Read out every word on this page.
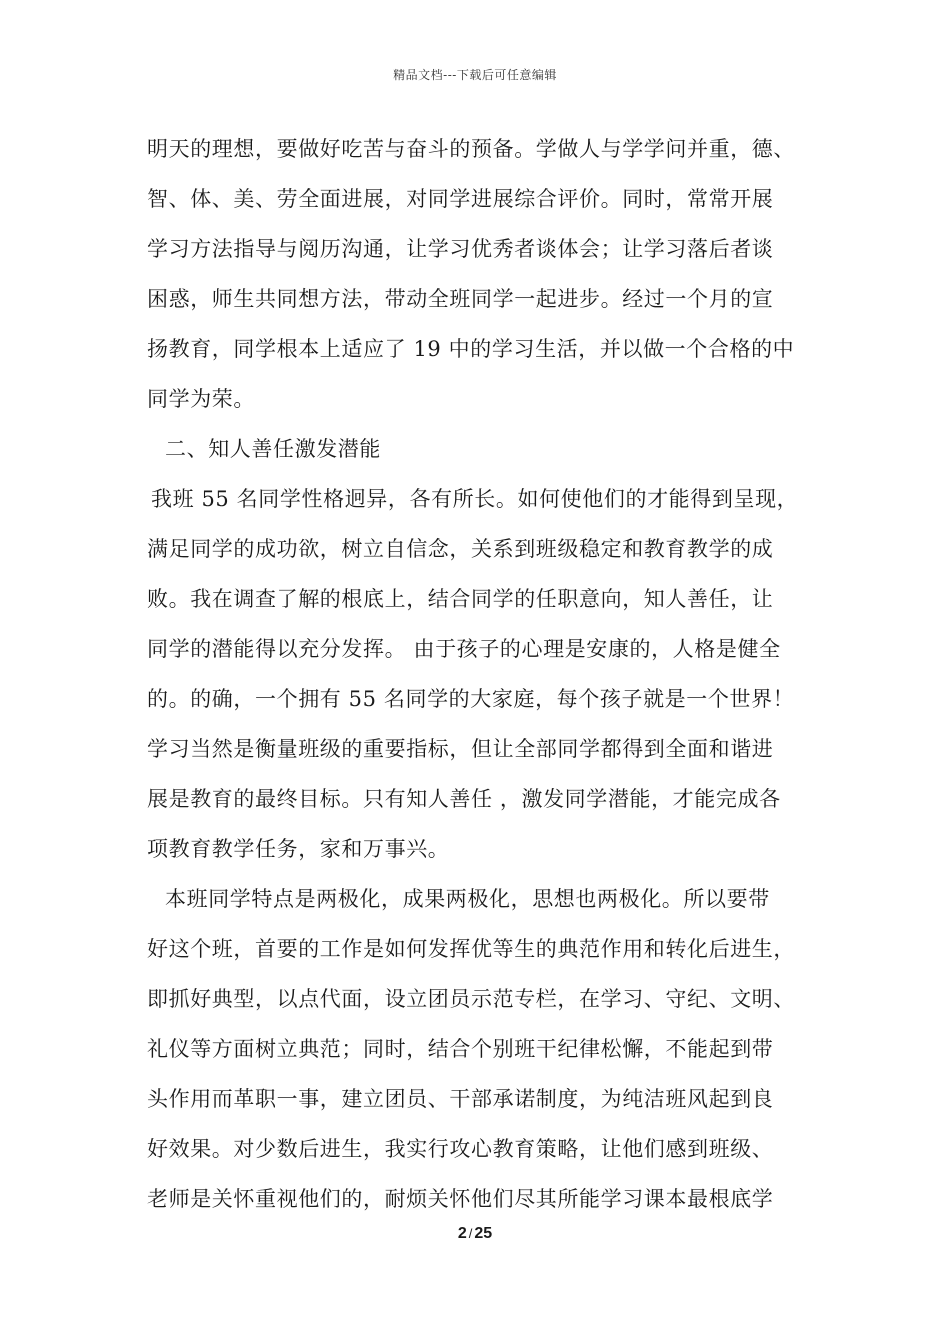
精品文档---下载后可任意编辑
明天的理想，要做好吃苦与奋斗的预备。学做人与学学问并重，德、
智、体、美、劳全面进展，对同学进展综合评价。同时，常常开展
学习方法指导与阅历沟通，让学习优秀者谈体会；让学习落后者谈
困惑，师生共同想方法，带动全班同学一起进步。经过一个月的宣
扬教育，同学根本上适应了 19 中的学习生活，并以做一个合格的中
同学为荣。
二、知人善任激发潜能
我班 55 名同学性格迥异，各有所长。如何使他们的才能得到呈现，
满足同学的成功欲，树立自信念，关系到班级稳定和教育教学的成
败。我在调查了解的根底上，结合同学的任职意向，知人善任，让
同学的潜能得以充分发挥。 由于孩子的心理是安康的，人格是健全
的。的确，一个拥有 55 名同学的大家庭，每个孩子就是一个世界！
学习当然是衡量班级的重要指标，但让全部同学都得到全面和谐进
展是教育的最终目标。只有知人善任 ，激发同学潜能，才能完成各
项教育教学任务，家和万事兴。
本班同学特点是两极化，成果两极化，思想也两极化。所以要带
好这个班，首要的工作是如何发挥优等生的典范作用和转化后进生，
即抓好典型，以点代面，设立团员示范专栏，在学习、守纪、文明、
礼仪等方面树立典范；同时，结合个别班干纪律松懈，不能起到带
头作用而革职一事，建立团员、干部承诺制度，为纯洁班风起到良
好效果。对少数后进生，我实行攻心教育策略，让他们感到班级、
老师是关怀重视他们的，耐烦关怀他们尽其所能学习课本最根底学
2 / 25
